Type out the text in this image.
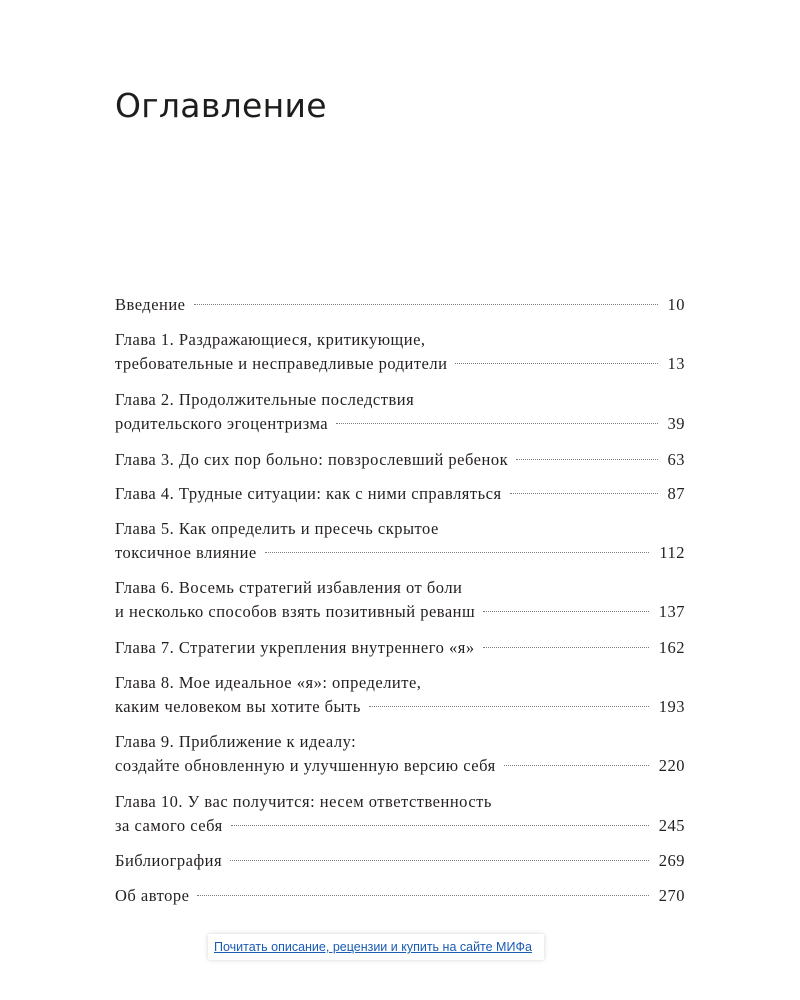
Оглавление
Введение	10
Глава 1. Раздражающиеся, критикующие,
требовательные и несправедливые родители	13
Глава 2. Продолжительные последствия
родительского эгоцентризма	39
Глава 3. До сих пор больно: повзрослевший ребенок	63
Глава 4. Трудные ситуации: как с ними справляться	87
Глава 5. Как определить и пресечь скрытое
токсичное влияние	112
Глава 6. Восемь стратегий избавления от боли
и несколько способов взять позитивный реванш	137
Глава 7. Стратегии укрепления внутреннего «я»	162
Глава 8. Мое идеальное «я»: определите,
каким человеком вы хотите быть	193
Глава 9. Приближение к идеалу:
создайте обновленную и улучшенную версию себя	220
Глава 10. У вас получится: несем ответственность
за самого себя	245
Библиография	269
Об авторе	270
Почитать описание, рецензии и купить на сайте МИФа
